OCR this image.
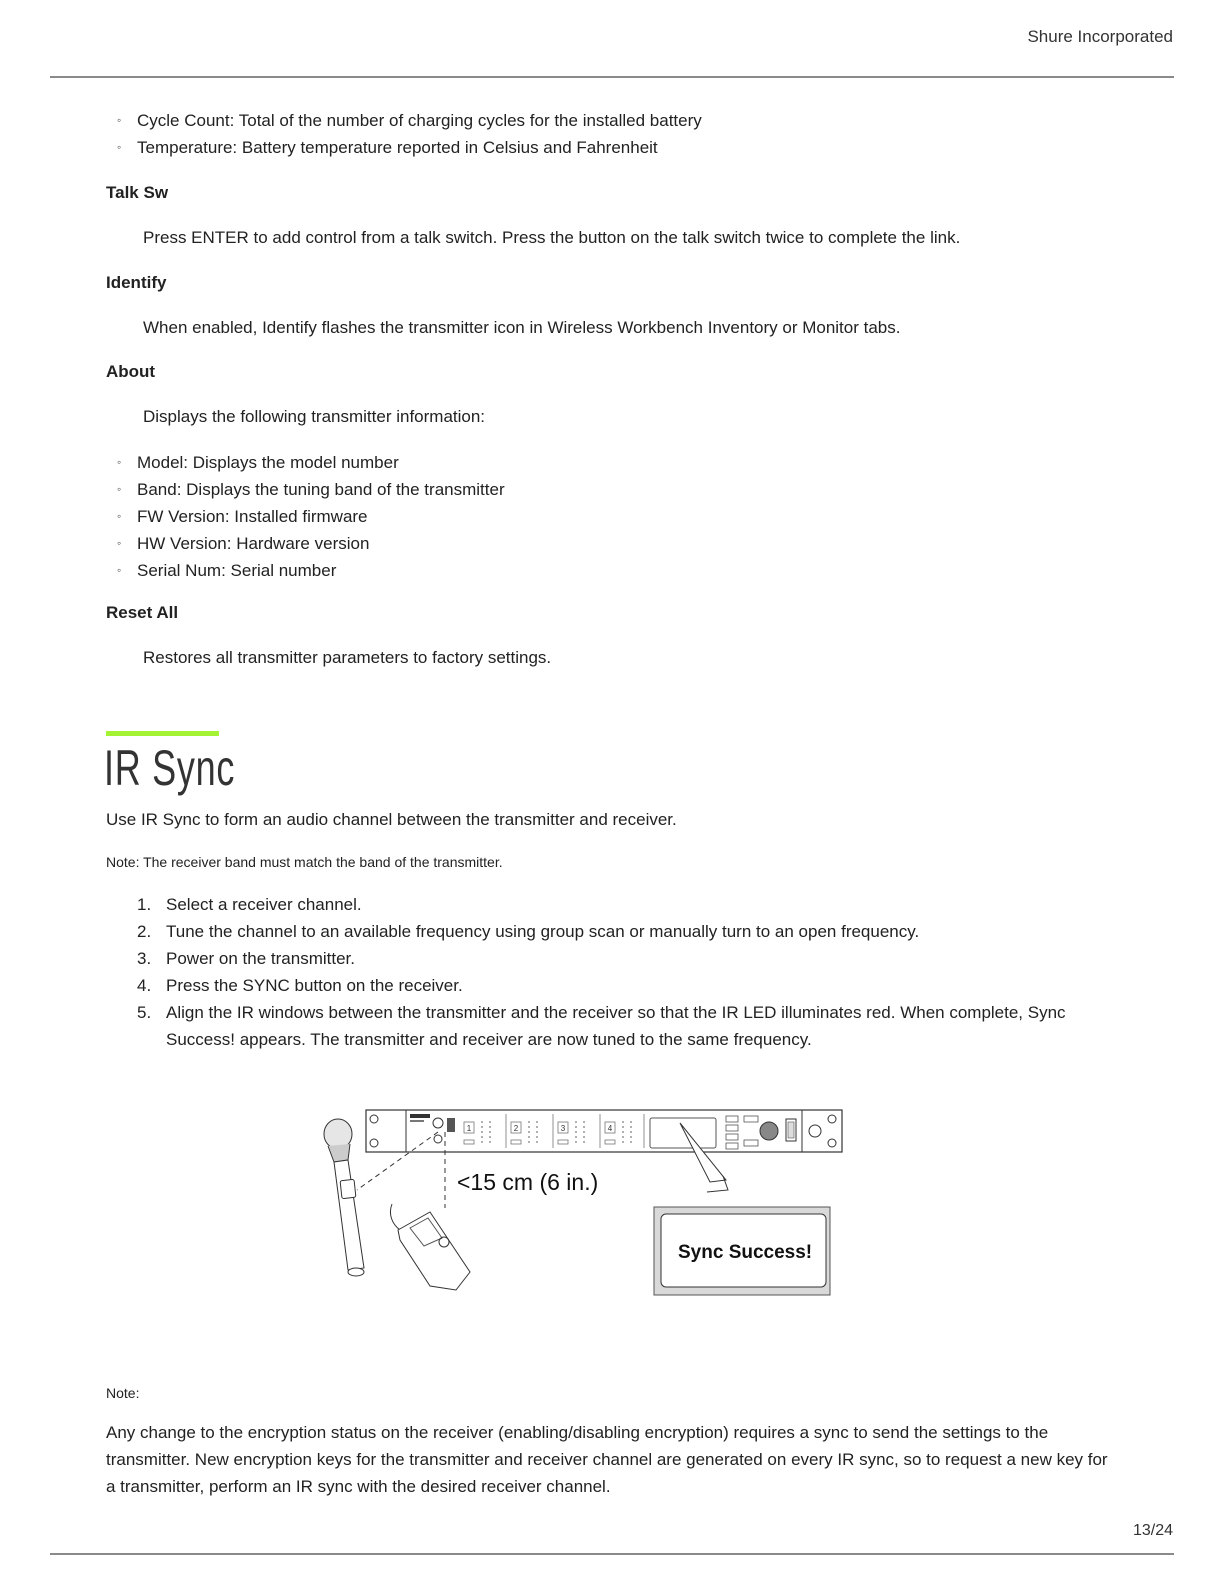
Shure Incorporated
◦ Cycle Count: Total of the number of charging cycles for the installed battery
◦ Temperature: Battery temperature reported in Celsius and Fahrenheit
Talk Sw
Press ENTER to add control from a talk switch. Press the button on the talk switch twice to complete the link.
Identify
When enabled, Identify flashes the transmitter icon in Wireless Workbench Inventory or Monitor tabs.
About
Displays the following transmitter information:
◦ Model: Displays the model number
◦ Band: Displays the tuning band of the transmitter
◦ FW Version: Installed firmware
◦ HW Version: Hardware version
◦ Serial Num: Serial number
Reset All
Restores all transmitter parameters to factory settings.
IR Sync
Use IR Sync to form an audio channel between the transmitter and receiver.
Note: The receiver band must match the band of the transmitter.
1. Select a receiver channel.
2. Tune the channel to an available frequency using group scan or manually turn to an open frequency.
3. Power on the transmitter.
4. Press the SYNC button on the receiver.
5. Align the IR windows between the transmitter and the receiver so that the IR LED illuminates red. When complete, Sync Success! appears. The transmitter and receiver are now tuned to the same frequency.
1	2	3	4
<15 cm (6 in.)
Sync Success!
Note:
Any change to the encryption status on the receiver (enabling/disabling encryption) requires a sync to send the settings to the transmitter. New encryption keys for the transmitter and receiver channel are generated on every IR sync, so to request a new key for a transmitter, perform an IR sync with the desired receiver channel.
13/24
